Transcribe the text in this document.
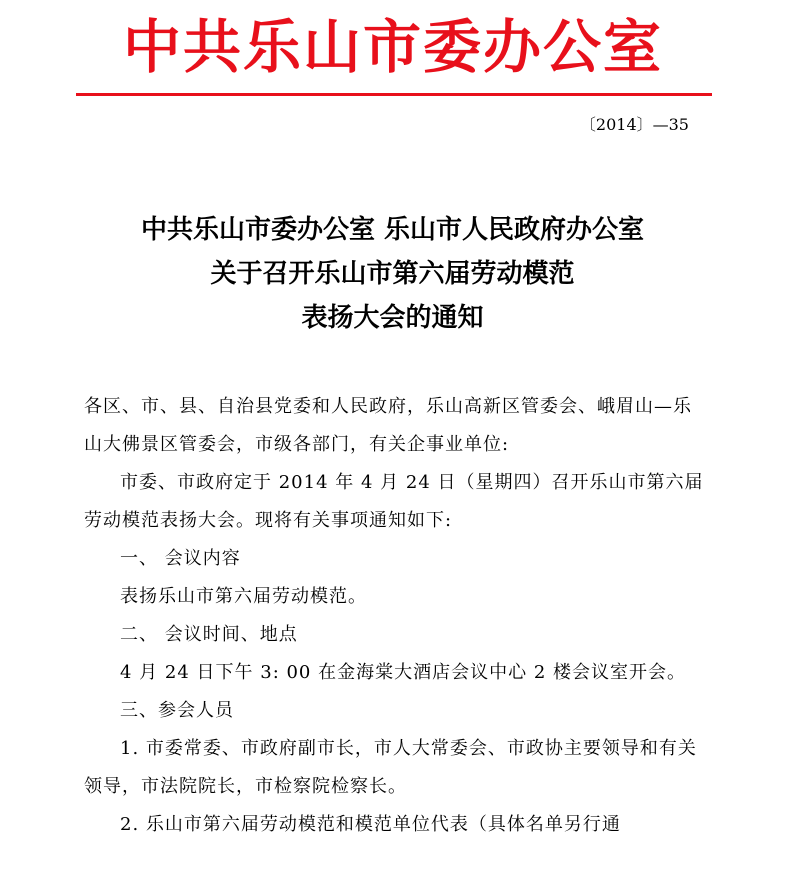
中共乐山市委办公室
〔2014〕—35
中共乐山市委办公室 乐山市人民政府办公室
关于召开乐山市第六届劳动模范
表扬大会的通知

各区、市、县、自治县党委和人民政府，乐山高新区管委会、峨眉山—乐山大佛景区管委会，市级各部门，有关企事业单位:

市委、市政府定于 2014 年 4 月 24 日（星期四）召开乐山市第六届劳动模范表扬大会。现将有关事项通知如下:

一、 会议内容

表扬乐山市第六届劳动模范。

二、 会议时间、地点

4 月 24 日下午 3: 00 在金海棠大酒店会议中心 2 楼会议室开会。

三、参会人员

1. 市委常委、市政府副市长，市人大常委会、市政协主要领导和有关领导，市法院院长，市检察院检察长。

2. 乐山市第六届劳动模范和模范单位代表（具体名单另行通
